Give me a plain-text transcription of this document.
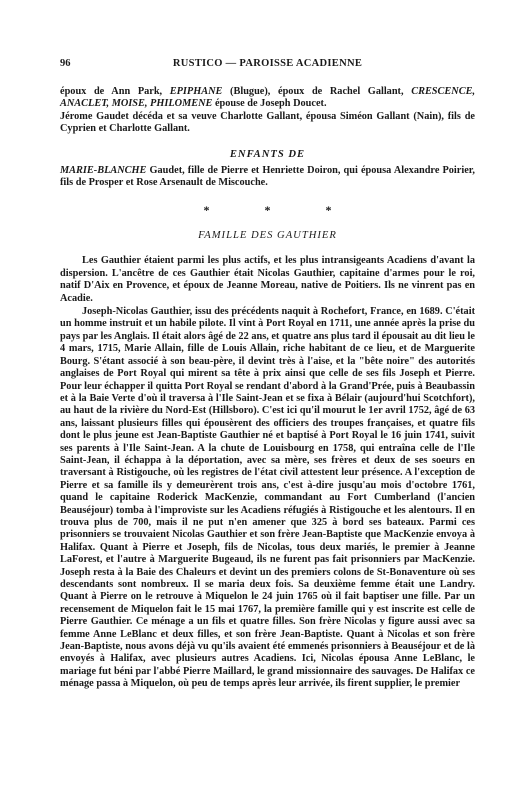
96	RUSTICO — PAROISSE ACADIENNE

époux de Ann Park, EPIPHANE (Blugue), époux de Rachel Gallant, CRESCENCE, ANACLET, MOISE, PHILOMENE épouse de Joseph Doucet.

Jérome Gaudet décéda et sa veuve Charlotte Gallant, épousa Siméon Gallant (Nain), fils de Cyprien et Charlotte Gallant.

ENFANTS DE

MARIE-BLANCHE Gaudet, fille de Pierre et Henriette Doiron, qui épousa Alexandre Poirier, fils de Prosper et Rose Arsenault de Miscouche.

* * *
FAMILLE DES GAUTHIER

Les Gauthier étaient parmi les plus actifs, et les plus intransigeants Acadiens d'avant la dispersion. L'ancêtre de ces Gauthier était Nicolas Gauthier, capitaine d'armes pour le roi, natif D'Aix en Provence, et époux de Jeanne Moreau, native de Poitiers. Ils ne vinrent pas en Acadie.

Joseph-Nicolas Gauthier, issu des précédents naquit à Rochefort, France, en 1689. C'était un homme instruit et un habile pilote. Il vint à Port Royal en 1711, une année après la prise du pays par les Anglais. Il était alors âgé de 22 ans, et quatre ans plus tard il épousait au dit lieu le 4 mars, 1715, Marie Allain, fille de Louis Allain, riche habitant de ce lieu, et de Marguerite Bourg. S'étant associé à son beau-père, il devint très à l'aise, et la "bête noire" des autorités anglaises de Port Royal qui mirent sa tête à prix ainsi que celle de ses fils Joseph et Pierre. Pour leur échapper il quitta Port Royal se rendant d'abord à la Grand'Prée, puis à Beaubassin et à la Baie Verte d'où il traversa à l'Ile Saint-Jean et se fixa à Bélair (aujourd'hui Scotchfort), au haut de la rivière du Nord-Est (Hillsboro). C'est ici qu'il mourut le 1er avril 1752, âgé de 63 ans, laissant plusieurs filles qui épousèrent des officiers des troupes françaises, et quatre fils dont le plus jeune est Jean-Baptiste Gauthier né et baptisé à Port Royal le 16 juin 1741, suivit ses parents à l'Ile Saint-Jean. A la chute de Louisbourg en 1758, qui entraîna celle de l'Ile Saint-Jean, il échappa à la déportation, avec sa mère, ses frères et deux de ses soeurs en traversant à Ristigouche, où les registres de l'état civil attestent leur présence. A l'exception de Pierre et sa famille ils y demeurèrent trois ans, c'est à-dire jusqu'au mois d'octobre 1761, quand le capitaine Roderick MacKenzie, commandant au Fort Cumberland (l'ancien Beauséjour) tomba à l'improviste sur les Acadiens réfugiés à Ristigouche et les alentours. Il en trouva plus de 700, mais il ne put n'en amener que 325 à bord ses bateaux. Parmi ces prisonniers se trouvaient Nicolas Gauthier et son frère Jean-Baptiste que MacKenzie envoya à Halifax. Quant à Pierre et Joseph, fils de Nicolas, tous deux mariés, le premier à Jeanne LaForest, et l'autre à Marguerite Bugeaud, ils ne furent pas fait prisonniers par MacKenzie. Joseph resta à la Baie des Chaleurs et devint un des premiers colons de St-Bonaventure où ses descendants sont nombreux. Il se maria deux fois. Sa deuxième femme était une Landry. Quant à Pierre on le retrouve à Miquelon le 24 juin 1765 où il fait baptiser une fille. Par un recensement de Miquelon fait le 15 mai 1767, la première famille qui y est inscrite est celle de Pierre Gauthier. Ce ménage a un fils et quatre filles. Son frère Nicolas y figure aussi avec sa femme Anne LeBlanc et deux filles, et son frère Jean-Baptiste. Quant à Nicolas et son frère Jean-Baptiste, nous avons déjà vu qu'ils avaient été emmenés prisonniers à Beauséjour et de là envoyés à Halifax, avec plusieurs autres Acadiens. Ici, Nicolas épousa Anne LeBlanc, le mariage fut béni par l'abbé Pierre Maillard, le grand missionnaire des sauvages. De Halifax ce ménage passa à Miquelon, où peu de temps après leur arrivée, ils firent supplier, le premier
